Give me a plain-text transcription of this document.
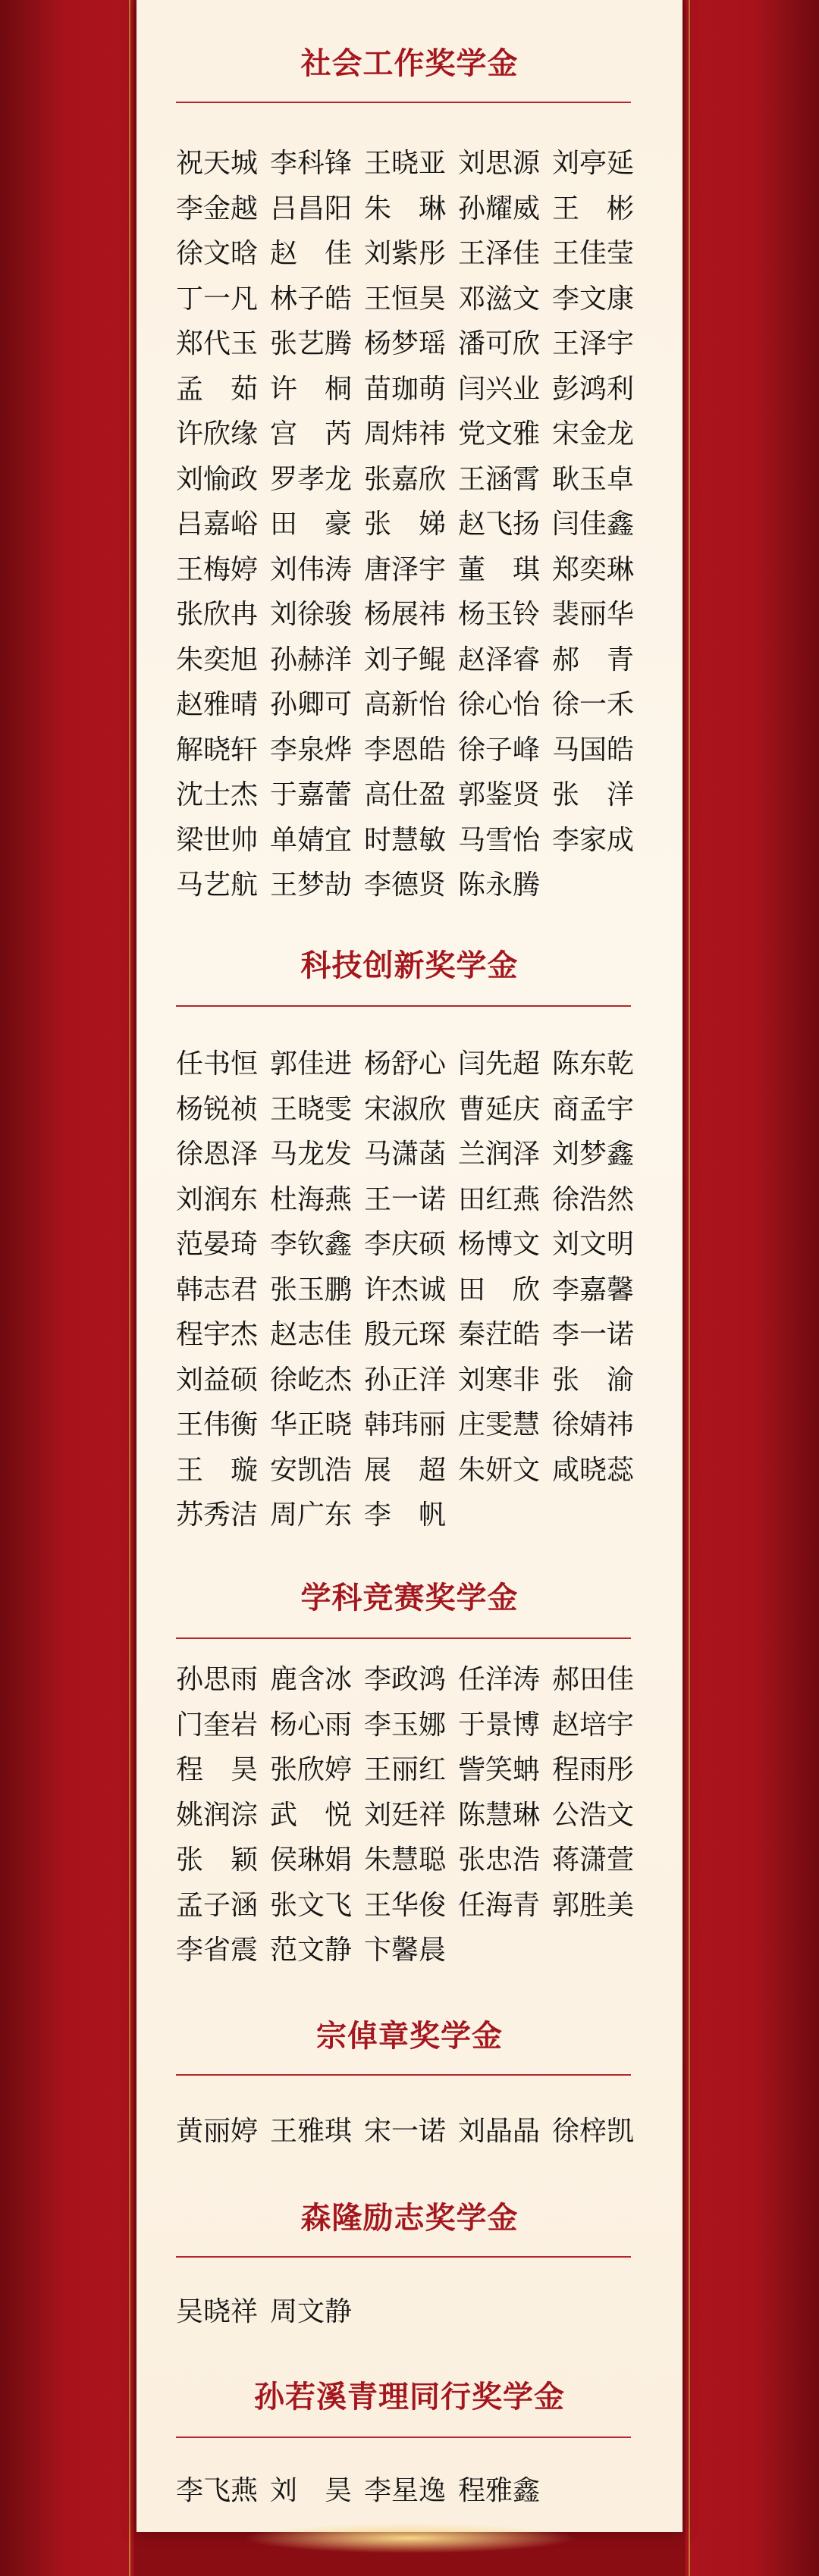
社会工作奖学金
祝天城 李科锋 王晓亚 刘思源 刘亭延
李金越 吕昌阳 朱　琳 孙耀威 王　彬
徐文晗 赵　佳 刘紫彤 王泽佳 王佳莹
丁一凡 林子皓 王恒昊 邓滋文 李文康
郑代玉 张艺腾 杨梦瑶 潘可欣 王泽宇
孟　茹 许　桐 苗珈萌 闫兴业 彭鸿利
许欣缘 宫　芮 周炜祎 党文雅 宋金龙
刘愉政 罗孝龙 张嘉欣 王涵霄 耿玉卓
吕嘉峪 田　豪 张　娣 赵飞扬 闫佳鑫
王梅婷 刘伟涛 唐泽宇 董　琪 郑奕琳
张欣冉 刘徐骏 杨展祎 杨玉铃 裴丽华
朱奕旭 孙赫洋 刘子鲲 赵泽睿 郝　青
赵雅晴 孙卿可 高新怡 徐心怡 徐一禾
解晓轩 李泉烨 李恩皓 徐子峰 马国皓
沈士杰 于嘉蕾 高仕盈 郭鉴贤 张　洋
梁世帅 单婧宜 时慧敏 马雪怡 李家成
马艺航 王梦劼 李德贤 陈永腾
科技创新奖学金
任书恒 郭佳进 杨舒心 闫先超 陈东乾
杨锐祯 王晓雯 宋淑欣 曹延庆 商孟宇
徐恩泽 马龙发 马潇菡 兰润泽 刘梦鑫
刘润东 杜海燕 王一诺 田红燕 徐浩然
范晏琦 李钦鑫 李庆硕 杨博文 刘文明
韩志君 张玉鹏 许杰诚 田　欣 李嘉馨
程宇杰 赵志佳 殷元琛 秦茳皓 李一诺
刘益硕 徐屹杰 孙正洋 刘寒非 张　渝
王伟衡 华正晓 韩玮丽 庄雯慧 徐婧祎
王　璇 安凯浩 展　超 朱妍文 咸晓蕊
苏秀洁 周广东 李　帆
学科竞赛奖学金
孙思雨 鹿含冰 李政鸿 任洋涛 郝田佳
门奎岩 杨心雨 李玉娜 于景博 赵培宇
程　昊 张欣婷 王丽红 訾笑蚺 程雨彤
姚润淙 武　悦 刘廷祥 陈慧琳 公浩文
张　颖 侯琳娟 朱慧聪 张忠浩 蒋潇萱
孟子涵 张文飞 王华俊 任海青 郭胜美
李省震 范文静 卞馨晨
宗倬章奖学金
黄丽婷 王雅琪 宋一诺 刘晶晶 徐梓凯
森隆励志奖学金
吴晓祥 周文静
孙若溪青理同行奖学金
李飞燕 刘　昊 李星逸 程雅鑫
